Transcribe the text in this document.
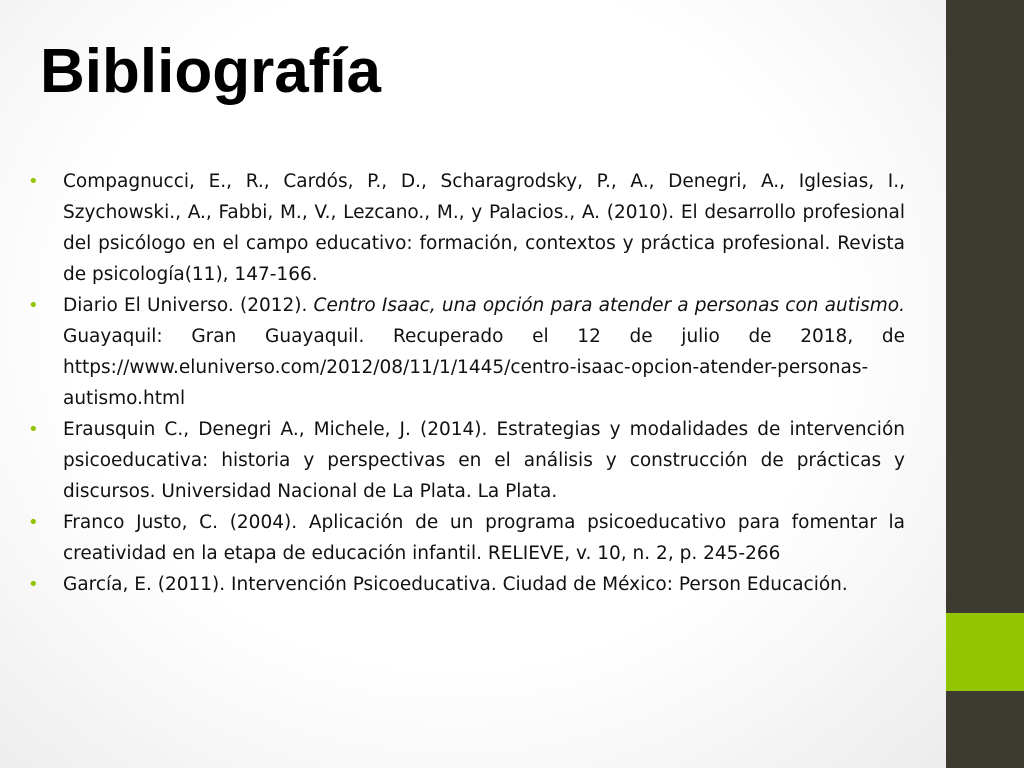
Bibliografía
• Compagnucci, E., R., Cardós, P., D., Scharagrodsky, P., A., Denegri, A., Iglesias, I., Szychowski., A., Fabbi, M., V., Lezcano., M., y Palacios., A. (2010). El desarrollo profesional del psicólogo en el campo educativo: formación, contextos y práctica profesional. Revista de psicología(11), 147-166.
• Diario El Universo. (2012). Centro Isaac, una opción para atender a personas con autismo. Guayaquil: Gran Guayaquil. Recuperado el 12 de julio de 2018, de https://www.eluniverso.com/2012/08/11/1/1445/centro-isaac-opcion-atender-personas-autismo.html
• Erausquin C., Denegri A., Michele, J. (2014). Estrategias y modalidades de intervención psicoeducativa: historia y perspectivas en el análisis y construcción de prácticas y discursos. Universidad Nacional de La Plata. La Plata.
• Franco Justo, C. (2004). Aplicación de un programa psicoeducativo para fomentar la creatividad en la etapa de educación infantil. RELIEVE, v. 10, n. 2, p. 245-266
• García, E. (2011). Intervención Psicoeducativa. Ciudad de México: Person Educación.
